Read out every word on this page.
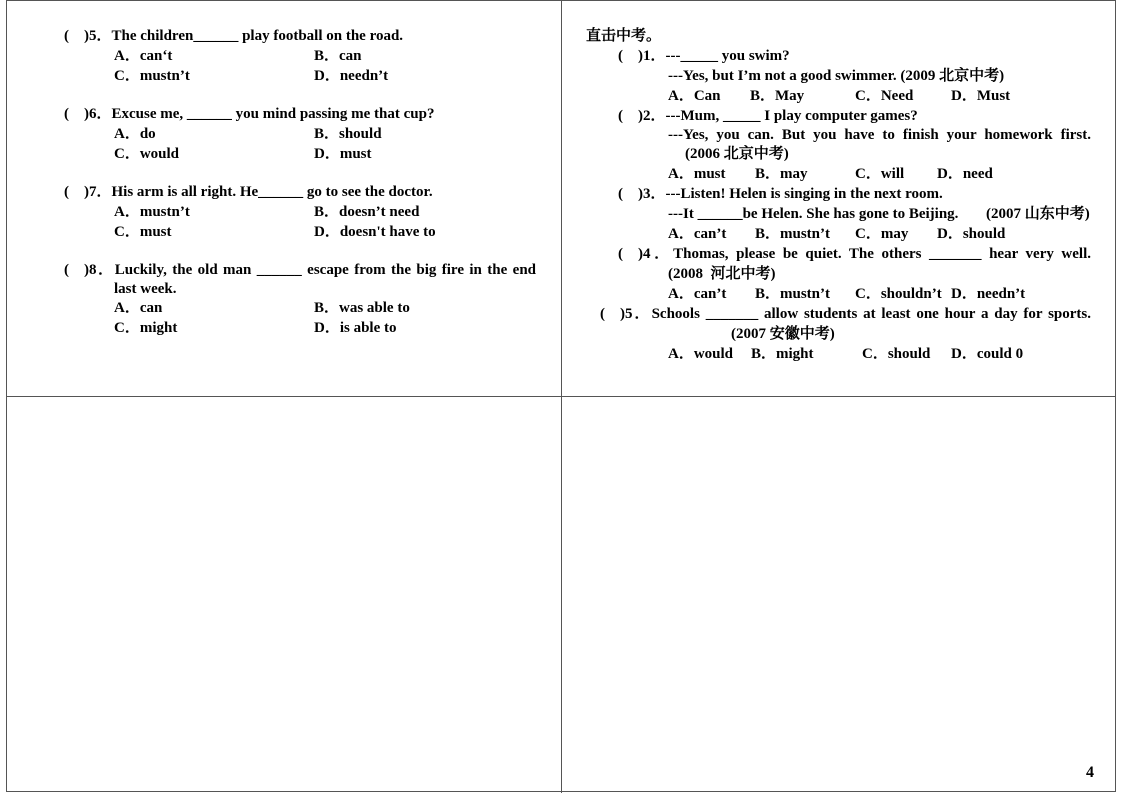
( )5．The children______ play football on the road.
A．can‘t	B．can
C．mustn’t	D．needn’t
( )6．Excuse me, ______ you mind passing me that cup?
A．do	B．should
C．would	D．must
( )7．His arm is all right. He______ go to see the doctor.
A．mustn’t	B．doesn’t need
C．must	D．doesn't have to
( )8．Luckily, the old man ______ escape from the big fire in the end
last week.
A．can	B．was able to
C．might	D．is able to
直击中考。
( )1．---_____ you swim?
---Yes, but I’m not a good swimmer. (2009 北京中考)
A．Can B．May	C．Need	D．Must
( )2．---Mum, _____ I play computer games?
---Yes, you can. But you have to finish your homework first.
(2006 北京中考)
A．must B．may	C．will D．need
( )3．---Listen! Helen is singing in the next room.
---It ______be Helen. She has gone to Beijing. (2007 山东中考)
A．can’t B．mustn’t C．may D．should
( )4．Thomas, please be quiet. The others _______ hear very well.
(2008  河北中考)
A．can’t B．mustn’t C．shouldn’t D．needn’t
( )5．Schools _______ allow students at least one hour a day for sports.
(2007 安徽中考)
A．would B．might	C．should D．could 0
4
